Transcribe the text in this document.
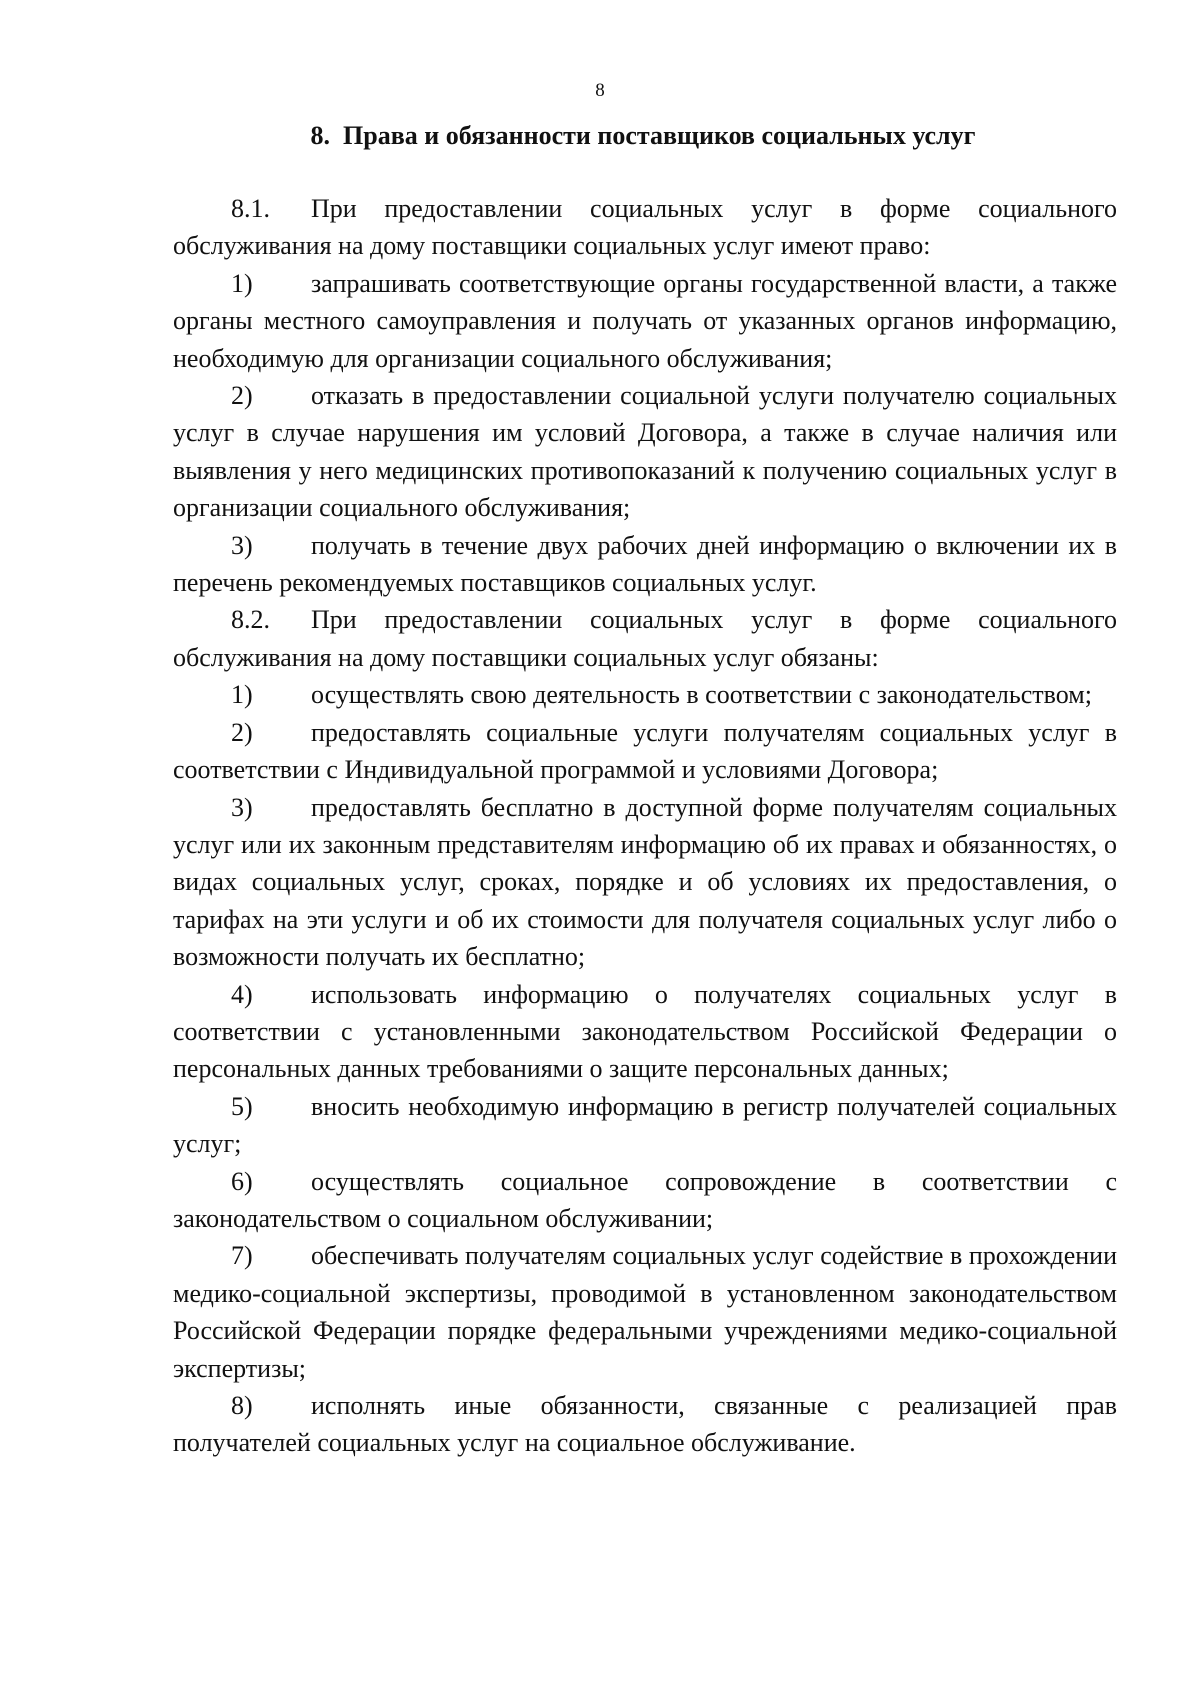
8
8. Права и обязанности поставщиков социальных услуг

8.1. При предоставлении социальных услуг в форме социального обслуживания на дому поставщики социальных услуг имеют право:

1) запрашивать соответствующие органы государственной власти, а также органы местного самоуправления и получать от указанных органов информацию, необходимую для организации социального обслуживания;

2) отказать в предоставлении социальной услуги получателю социальных услуг в случае нарушения им условий Договора, а также в случае наличия или выявления у него медицинских противопоказаний к получению социальных услуг в организации социального обслуживания;

3) получать в течение двух рабочих дней информацию о включении их в перечень рекомендуемых поставщиков социальных услуг.

8.2. При предоставлении социальных услуг в форме социального обслуживания на дому поставщики социальных услуг обязаны:

1) осуществлять свою деятельность в соответствии с законодательством;

2) предоставлять социальные услуги получателям социальных услуг в соответствии с Индивидуальной программой и условиями Договора;

3) предоставлять бесплатно в доступной форме получателям социальных услуг или их законным представителям информацию об их правах и обязанностях, о видах социальных услуг, сроках, порядке и об условиях их предоставления, о тарифах на эти услуги и об их стоимости для получателя социальных услуг либо о возможности получать их бесплатно;

4) использовать информацию о получателях социальных услуг в соответствии с установленными законодательством Российской Федерации о персональных данных требованиями о защите персональных данных;

5) вносить необходимую информацию в регистр получателей социальных услуг;

6) осуществлять социальное сопровождение в соответствии с законодательством о социальном обслуживании;

7) обеспечивать получателям социальных услуг содействие в прохождении медико-социальной экспертизы, проводимой в установленном законодательством Российской Федерации порядке федеральными учреждениями медико-социальной экспертизы;

8) исполнять иные обязанности, связанные с реализацией прав получателей социальных услуг на социальное обслуживание.
